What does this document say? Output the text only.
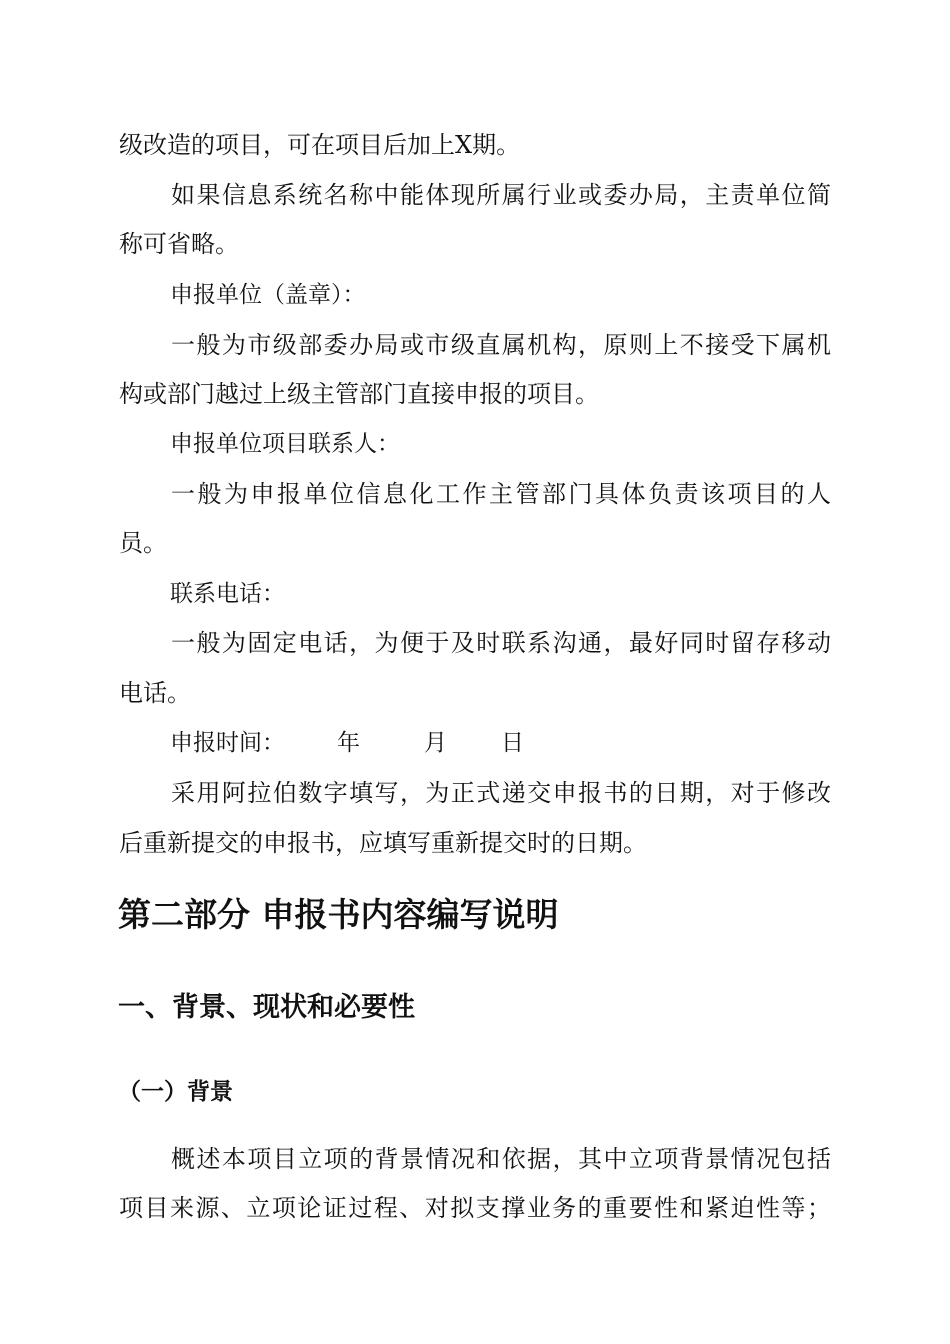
级改造的项目，可在项目后加上X期。

如果信息系统名称中能体现所属行业或委办局，主责单位简

称可省略。

申报单位（盖章）：

一般为市级部委办局或市级直属机构，原则上不接受下属机

构或部门越过上级主管部门直接申报的项目。

申报单位项目联系人：

一般为申报单位信息化工作主管部门具体负责该项目的人

员。

联系电话：

一般为固定电话，为便于及时联系沟通，最好同时留存移动

电话。

申报时间： 年	月 日

采用阿拉伯数字填写，为正式递交申报书的日期，对于修改

后重新提交的申报书，应填写重新提交时的日期。

第二部分 申报书内容编写说明
一、背景、现状和必要性
（一）背景

概述本项目立项的背景情况和依据，其中立项背景情况包括

项目来源、立项论证过程、对拟支撑业务的重要性和紧迫性等；
